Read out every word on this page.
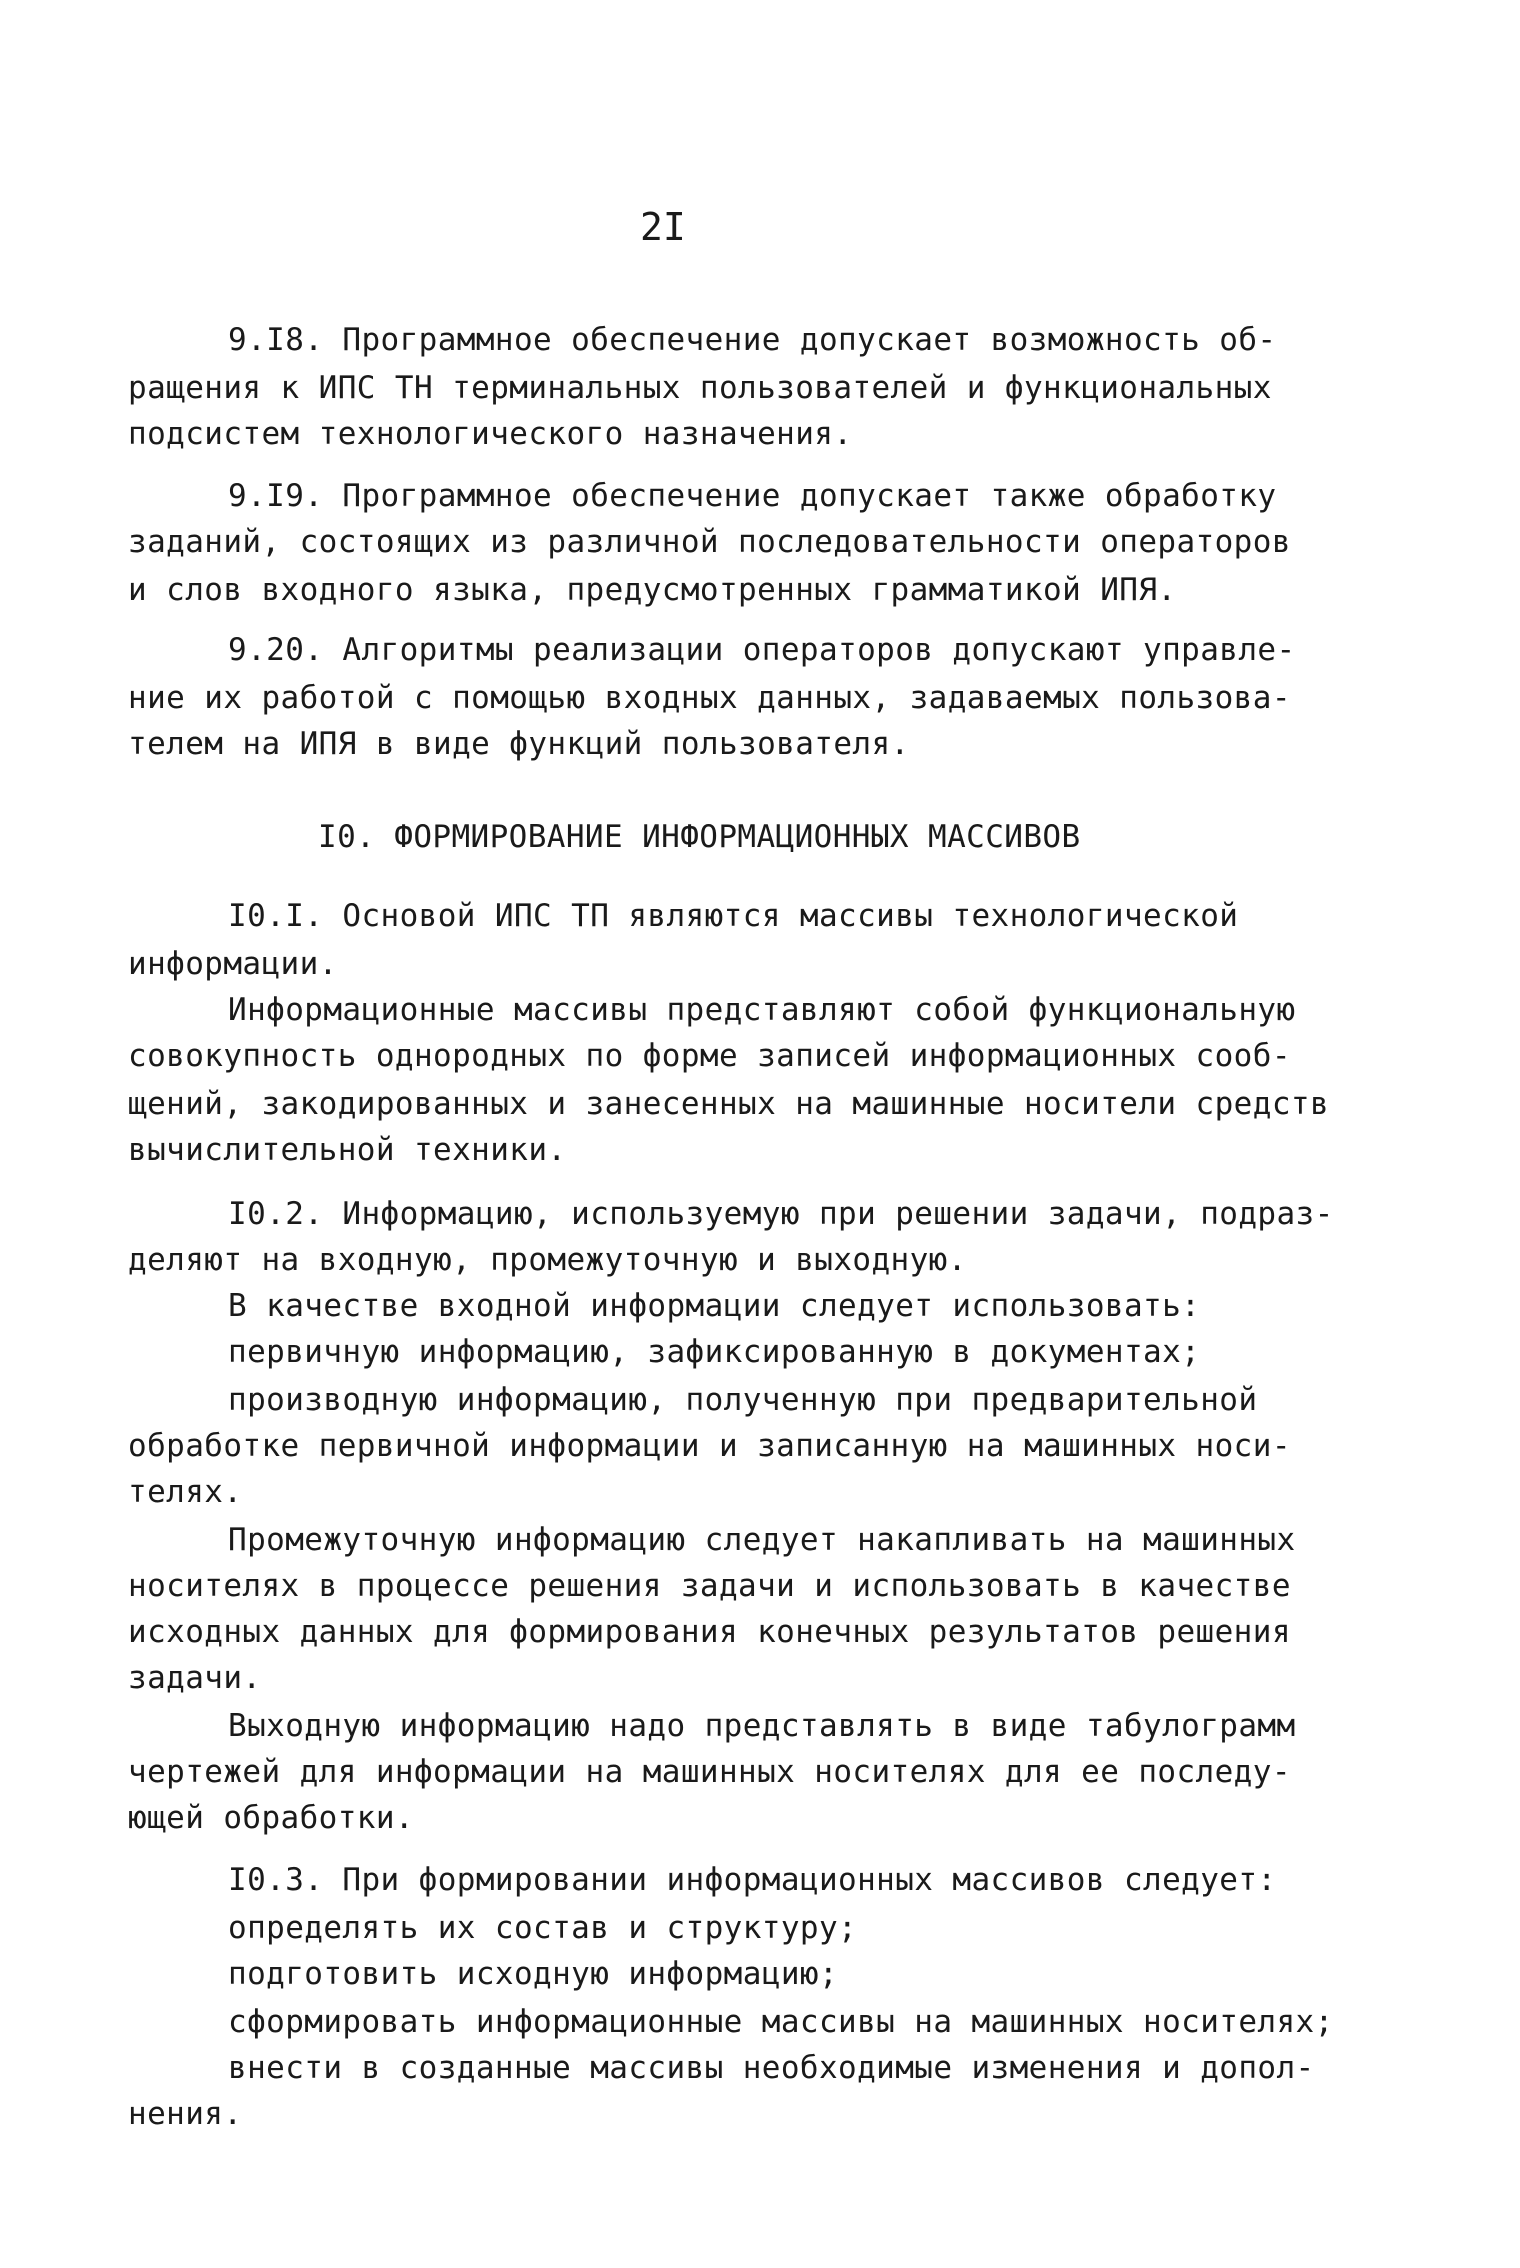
2I
9.I8. Программное обеспечение допускает возможность об-
ращения к ИПС ТН терминальных пользователей и функциональных
подсистем технологического назначения.
9.I9. Программное обеспечение допускает также обработку
заданий, состоящих из различной последовательности операторов
и слов входного языка, предусмотренных грамматикой ИПЯ.
9.20. Алгоритмы реализации операторов допускают управле-
ние их работой с помощью входных данных, задаваемых пользова-
телем на ИПЯ в виде функций пользователя.
I0. ФОРМИРОВАНИЕ ИНФОРМАЦИОННЫХ МАССИВОВ
I0.I. Основой ИПС ТП являются массивы технологической
информации.
Информационные массивы представляют собой функциональную
совокупность однородных по форме записей информационных сооб-
щений, закодированных и занесенных на машинные носители средств
вычислительной техники.
I0.2. Информацию, используемую при решении задачи, подраз-
деляют на входную, промежуточную и выходную.
В качестве входной информации следует использовать:
первичную информацию, зафиксированную в документах;
производную информацию, полученную при предварительной
обработке первичной информации и записанную на машинных носи-
телях.
Промежуточную информацию следует накапливать на машинных
носителях в процессе решения задачи и использовать в качестве
исходных данных для формирования конечных результатов решения
задачи.
Выходную информацию надо представлять в виде табулограмм
чертежей для информации на машинных носителях для ее последу-
ющей обработки.
I0.3. При формировании информационных массивов следует:
определять их состав и структуру;
подготовить исходную информацию;
сформировать информационные массивы на машинных носителях;
внести в созданные массивы необходимые изменения и допол-
нения.
